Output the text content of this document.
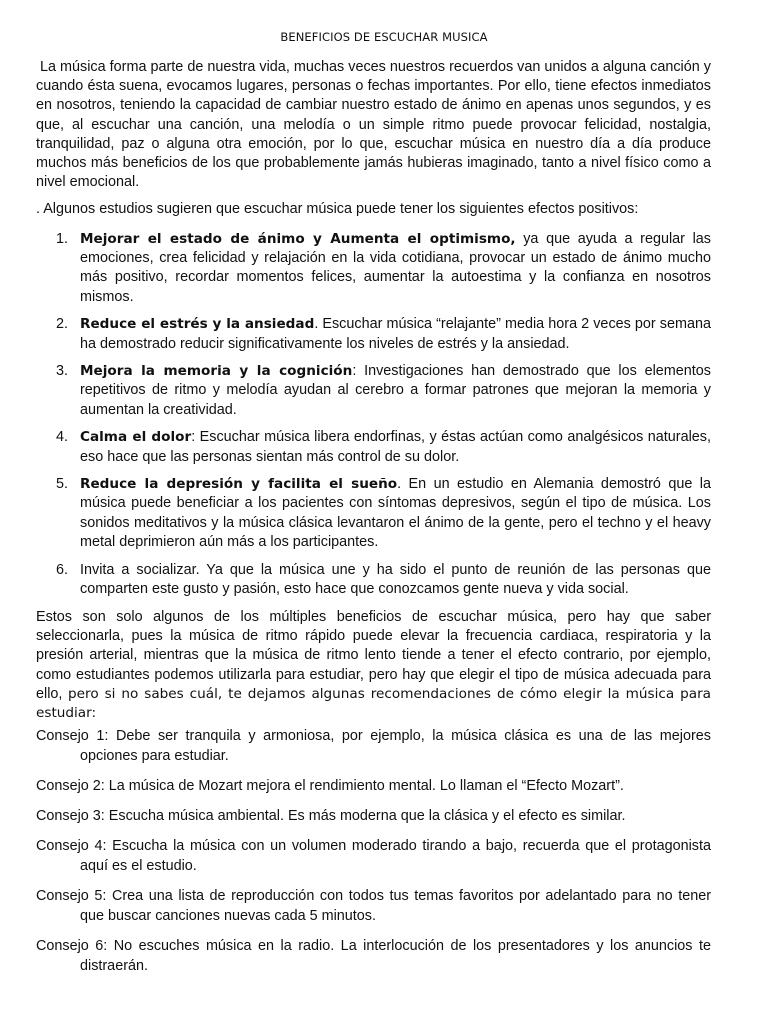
BENEFICIOS DE ESCUCHAR MUSICA

La música forma parte de nuestra vida, muchas veces nuestros recuerdos van unidos a alguna canción y cuando ésta suena, evocamos lugares, personas o fechas importantes. Por ello, tiene efectos inmediatos en nosotros, teniendo la capacidad de cambiar nuestro estado de ánimo en apenas unos segundos, y es que, al escuchar una canción, una melodía o un simple ritmo puede provocar felicidad, nostalgia, tranquilidad, paz o alguna otra emoción, por lo que, escuchar música en nuestro día a día produce muchos más beneficios de los que probablemente jamás hubieras imaginado, tanto a nivel físico como a nivel emocional.

. Algunos estudios sugieren que escuchar música puede tener los siguientes efectos positivos:

1. Mejorar el estado de ánimo y Aumenta el optimismo, ya que ayuda a regular las emociones, crea felicidad y relajación en la vida cotidiana, provocar un estado de ánimo mucho más positivo, recordar momentos felices, aumentar la autoestima y la confianza en nosotros mismos.
2. Reduce el estrés y la ansiedad. Escuchar música “relajante” media hora 2 veces por semana ha demostrado reducir significativamente los niveles de estrés y la ansiedad.
3. Mejora la memoria y la cognición: Investigaciones han demostrado que los elementos repetitivos de ritmo y melodía ayudan al cerebro a formar patrones que mejoran la memoria y aumentan la creatividad.
4. Calma el dolor: Escuchar música libera endorfinas, y éstas actúan como analgésicos naturales, eso hace que las personas sientan más control de su dolor.
5. Reduce la depresión y facilita el sueño. En un estudio en Alemania demostró que la música puede beneficiar a los pacientes con síntomas depresivos, según el tipo de música. Los sonidos meditativos y la música clásica levantaron el ánimo de la gente, pero el techno y el heavy metal deprimieron aún más a los participantes.
6. Invita a socializar. Ya que la música une y ha sido el punto de reunión de las personas que comparten este gusto y pasión, esto hace que conozcamos gente nueva y vida social.

Estos son solo algunos de los múltiples beneficios de escuchar música, pero hay que saber seleccionarla, pues la música de ritmo rápido puede elevar la frecuencia cardiaca, respiratoria y la presión arterial, mientras que la música de ritmo lento tiende a tener el efecto contrario, por ejemplo, como estudiantes podemos utilizarla para estudiar, pero hay que elegir el tipo de música adecuada para ello, pero si no sabes cuál, te dejamos algunas recomendaciones de cómo elegir la música para estudiar:

Consejo 1: Debe ser tranquila y armoniosa, por ejemplo, la música clásica es una de las mejores opciones para estudiar.
Consejo 2: La música de Mozart mejora el rendimiento mental. Lo llaman el “Efecto Mozart”.
Consejo 3: Escucha música ambiental. Es más moderna que la clásica y el efecto es similar.
Consejo 4: Escucha la música con un volumen moderado tirando a bajo, recuerda que el protagonista aquí es el estudio.
Consejo 5: Crea una lista de reproducción con todos tus temas favoritos por adelantado para no tener que buscar canciones nuevas cada 5 minutos.
Consejo 6: No escuches música en la radio. La interlocución de los presentadores y los anuncios te distraerán.
